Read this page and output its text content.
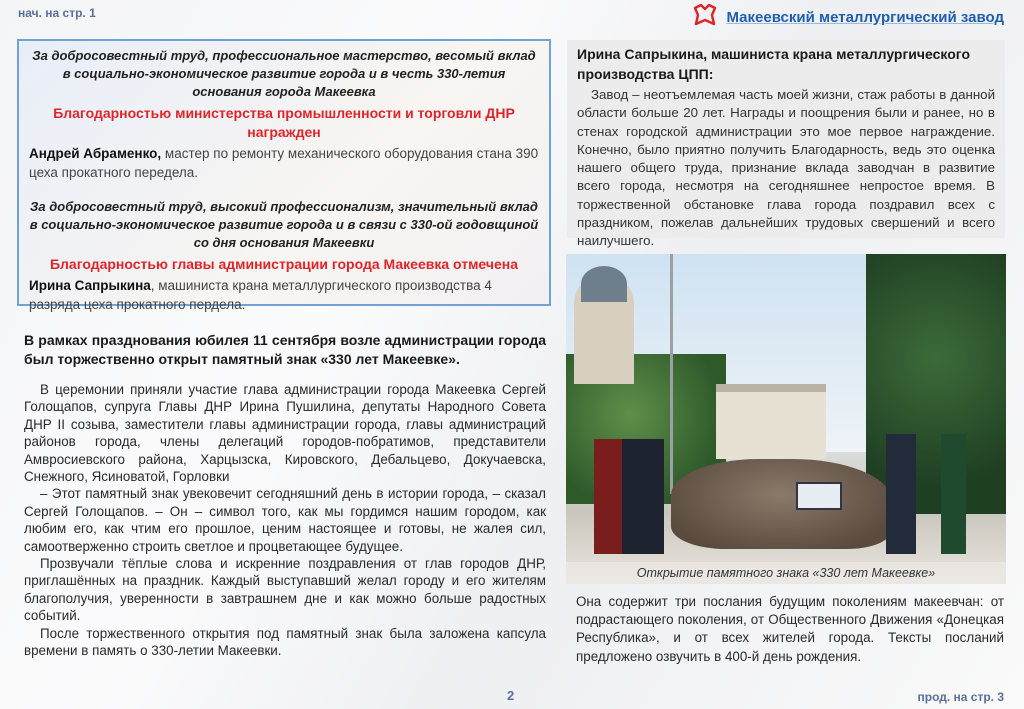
нач. на стр. 1	Макеевский металлургический завод
За добросовестный труд, профессиональное мастерство, весомый вклад в социально-экономическое развитие города и в честь 330-летия основания города Макеевка
Благодарностью министерства промышленности и торговли ДНР награжден
Андрей Абраменко, мастер по ремонту механического оборудования стана 390 цеха прокатного передела.
За добросовестный труд, высокий профессионализм, значительный вклад в социально-экономическое развитие города и в связи с 330-ой годовщиной со дня основания Макеевки
Благодарностью главы администрации города Макеевка отмечена
Ирина Сапрыкина, машиниста крана металлургического производства 4 разряда цеха прокатного пердела.
Ирина Сапрыкина, машиниста крана металлургического производства ЦПП:
Завод – неотъемлемая часть моей жизни, стаж работы в данной области больше 20 лет. Награды и поощрения были и ранее, но в стенах городской администрации это мое первое награждение. Конечно, было приятно получить Благодарность, ведь это оценка нашего общего труда, признание вклада заводчан в развитие всего города, несмотря на сегодняшнее непростое время. В торжественной обстановке глава города поздравил всех с праздником, пожелав дальнейших трудовых свершений и всего наилучшего.
В рамках празднования юбилея 11 сентября возле администрации города был торжественно открыт памятный знак «330 лет Макеевке».

В церемонии приняли участие глава администрации города Макеевка Сергей Голощапов, супруга Главы ДНР Ирина Пушилина, депутаты Народного Совета ДНР II созыва, заместители главы администрации города, главы администраций районов города, члены делегаций городов-побратимов, представители Амвросиевского района, Харцызска, Кировского, Дебальцево, Докучаевска, Снежного, Ясиноватой, Горловки

– Этот памятный знак увековечит сегодняшний день в истории города, – сказал Сергей Голощапов. – Он – символ того, как мы гордимся нашим городом, как любим его, как чтим его прошлое, ценим настоящее и готовы, не жалея сил, самоотверженно строить светлое и процветающее будущее.

Прозвучали тёплые слова и искренние поздравления от глав городов ДНР, приглашённых на праздник. Каждый выступавший желал городу и его жителям благополучия, уверенности в завтрашнем дне и как можно больше радостных событий.

После торжественного открытия под памятный знак была заложена капсула времени в память о 330-летии Макеевки.

Открытие памятного знака «330 лет Макеевке»
Она содержит три послания будущим поколениям макеевчан: от подрастающего поколения, от Общественного Движения «Донецкая Республика», и от всех жителей города. Тексты посланий предложено озвучить в 400-й день рождения.
2	прод. на стр. 3
